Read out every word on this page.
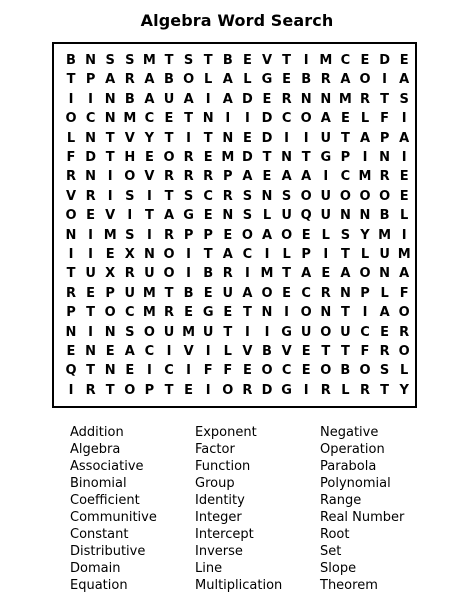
Algebra Word Search
B N S S M T S T B E V T I M C E D E
T P A R A B O L A L G E B R A O I A
I	I N B A U A I A D E R N N M R T S
O C N M C E T N I	I D C O A E L F I
L N T V Y T I T N E D I	I U T A P A
F D T H E O R E M D T N T G P I N I
R N I O V R R R P A E A A I C M R E
V R I S I T S C R S N S O U O O O E
O E V I T A G E N S L U Q U N N B L
N I M S I R P P E O A O E L S Y M I
I	I E X N O I T A C I	L P I T L U M
T U X R U O I B R I M T A E A O N A
R E P U M T B E U A O E C R N P L F
P T O C M R E G E T N I O N T I A O
N I N S O U M U T I	I G U O U C E R
E N E A C I V I	L V B V E T T F R O
Q T N E I C I F F E O C E O B O S L
I R T O P T E I O R D G I R L R T Y
Addition
Algebra
Associative
Binomial
Coefficient
Communitive
Constant
Distributive
Domain
Equation
Exponent
Factor
Function
Group
Identity
Integer
Intercept
Inverse
Line
Multiplication
Negative
Operation
Parabola
Polynomial
Range
Real Number
Root
Set
Slope
Theorem
